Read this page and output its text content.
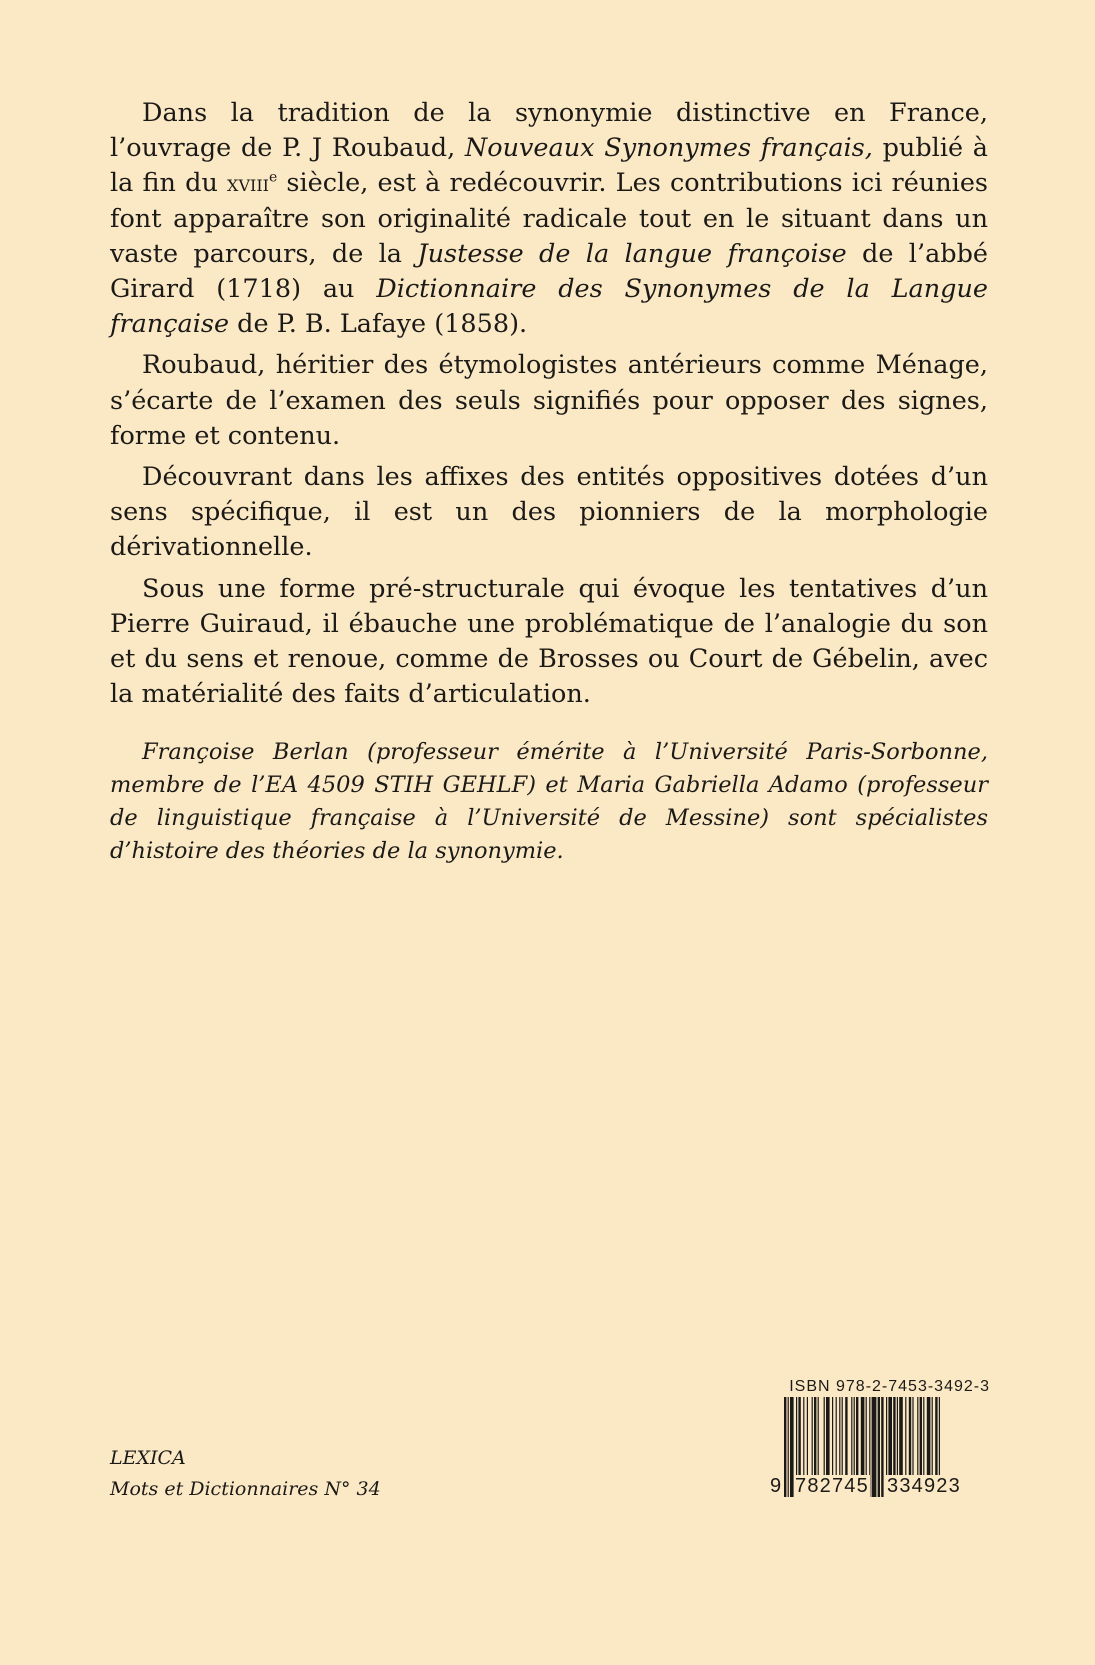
Dans la tradition de la synonymie distinctive en France, l’ouvrage de P. J Roubaud, Nouveaux Synonymes français, publié à la fin du xviii$^e$ siècle, est à redécouvrir. Les contributions ici réunies font apparaître son originalité radicale tout en le situant dans un vaste parcours, de la Justesse de la langue françoise de l’abbé Girard (1718) au Dictionnaire des Synonymes de la Langue française de P. B. Lafaye (1858).

Roubaud, héritier des étymologistes antérieurs comme Ménage, s’écarte de l’examen des seuls signifiés pour opposer des signes, forme et contenu.

Découvrant dans les affixes des entités oppositives dotées d’un sens spécifique, il est un des pionniers de la morphologie dérivationnelle.

Sous une forme pré-structurale qui évoque les tentatives d’un Pierre Guiraud, il ébauche une problématique de l’analogie du son et du sens et renoue, comme de Brosses ou Court de Gébelin, avec la matérialité des faits d’articulation.

Françoise Berlan (professeur émérite à l’Université Paris-Sorbonne, membre de l’EA 4509 STIH GEHLF) et Maria Gabriella Adamo (professeur de linguistique française à l’Université de Messine) sont spécialistes d’histoire des théories de la synonymie.
LEXICA
Mots et Dictionnaires N° 34
ISBN 978-2-7453-3492-3
9 782745 334923
